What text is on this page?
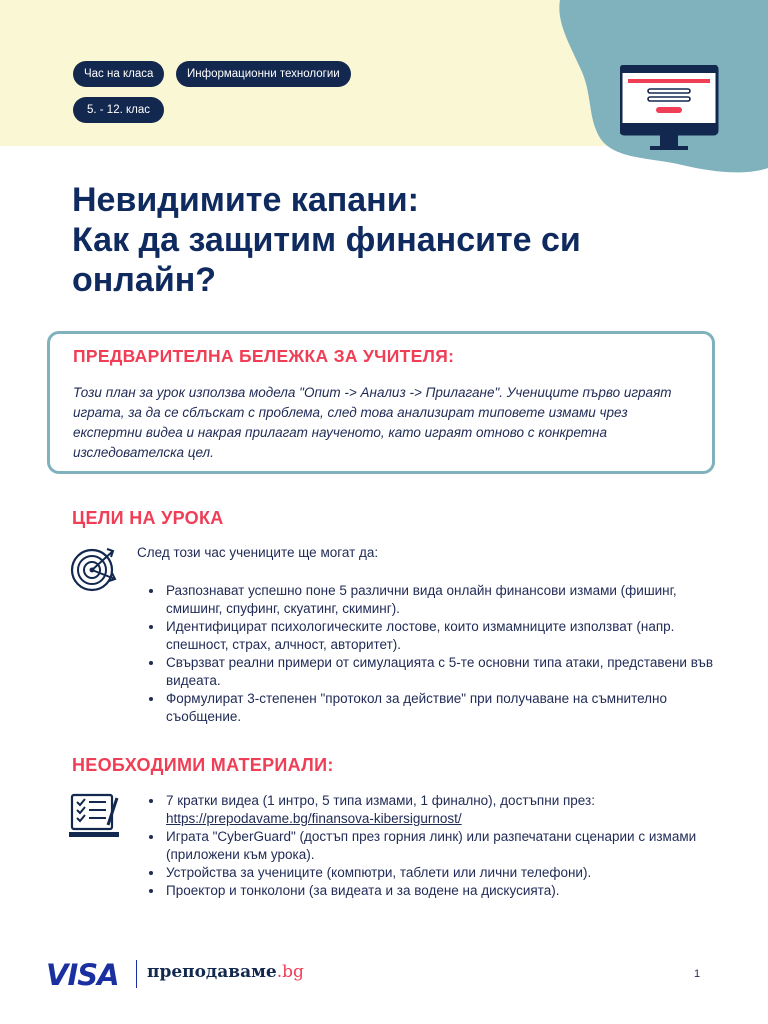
Час на класа	Информационни технологии
5. - 12. клас
Невидимите капани:
Как да защитим финансите си
онлайн?
ПРЕДВАРИТЕЛНА БЕЛЕЖКА ЗА УЧИТЕЛЯ:
Този план за урок използва модела "Опит -> Анализ -> Прилагане". Учениците първо играят играта, за да се сблъскат с проблема, след това анализират типовете измами чрез експертни видеа и накрая прилагат наученото, като играят отново с конкретна изследователска цел.
ЦЕЛИ НА УРОКА
След този час учениците ще могат да:
• Разпознават успешно поне 5 различни вида онлайн финансови измами (фишинг, смишинг, спуфинг, скуатинг, скиминг).
• Идентифицират психологическите лостове, които измамниците използват (напр. спешност, страх, алчност, авторитет).
• Свързват реални примери от симулацията с 5-те основни типа атаки, представени във видеата.
• Формулират 3-степенен "протокол за действие" при получаване на съмнително съобщение.
НЕОБХОДИМИ МАТЕРИАЛИ:
• 7 кратки видеа (1 интро, 5 типа измами, 1 финално), достъпни през:
https://prepodavame.bg/finansova-kibersigurnost/
• Играта "CyberGuard" (достъп през горния линк) или разпечатани сценарии с измами (приложени към урока).
• Устройства за учениците (компютри, таблети или лични телефони).
• Проектор и тонколони (за видеата и за водене на дискусията).
VISA преподаваме.bg	1
